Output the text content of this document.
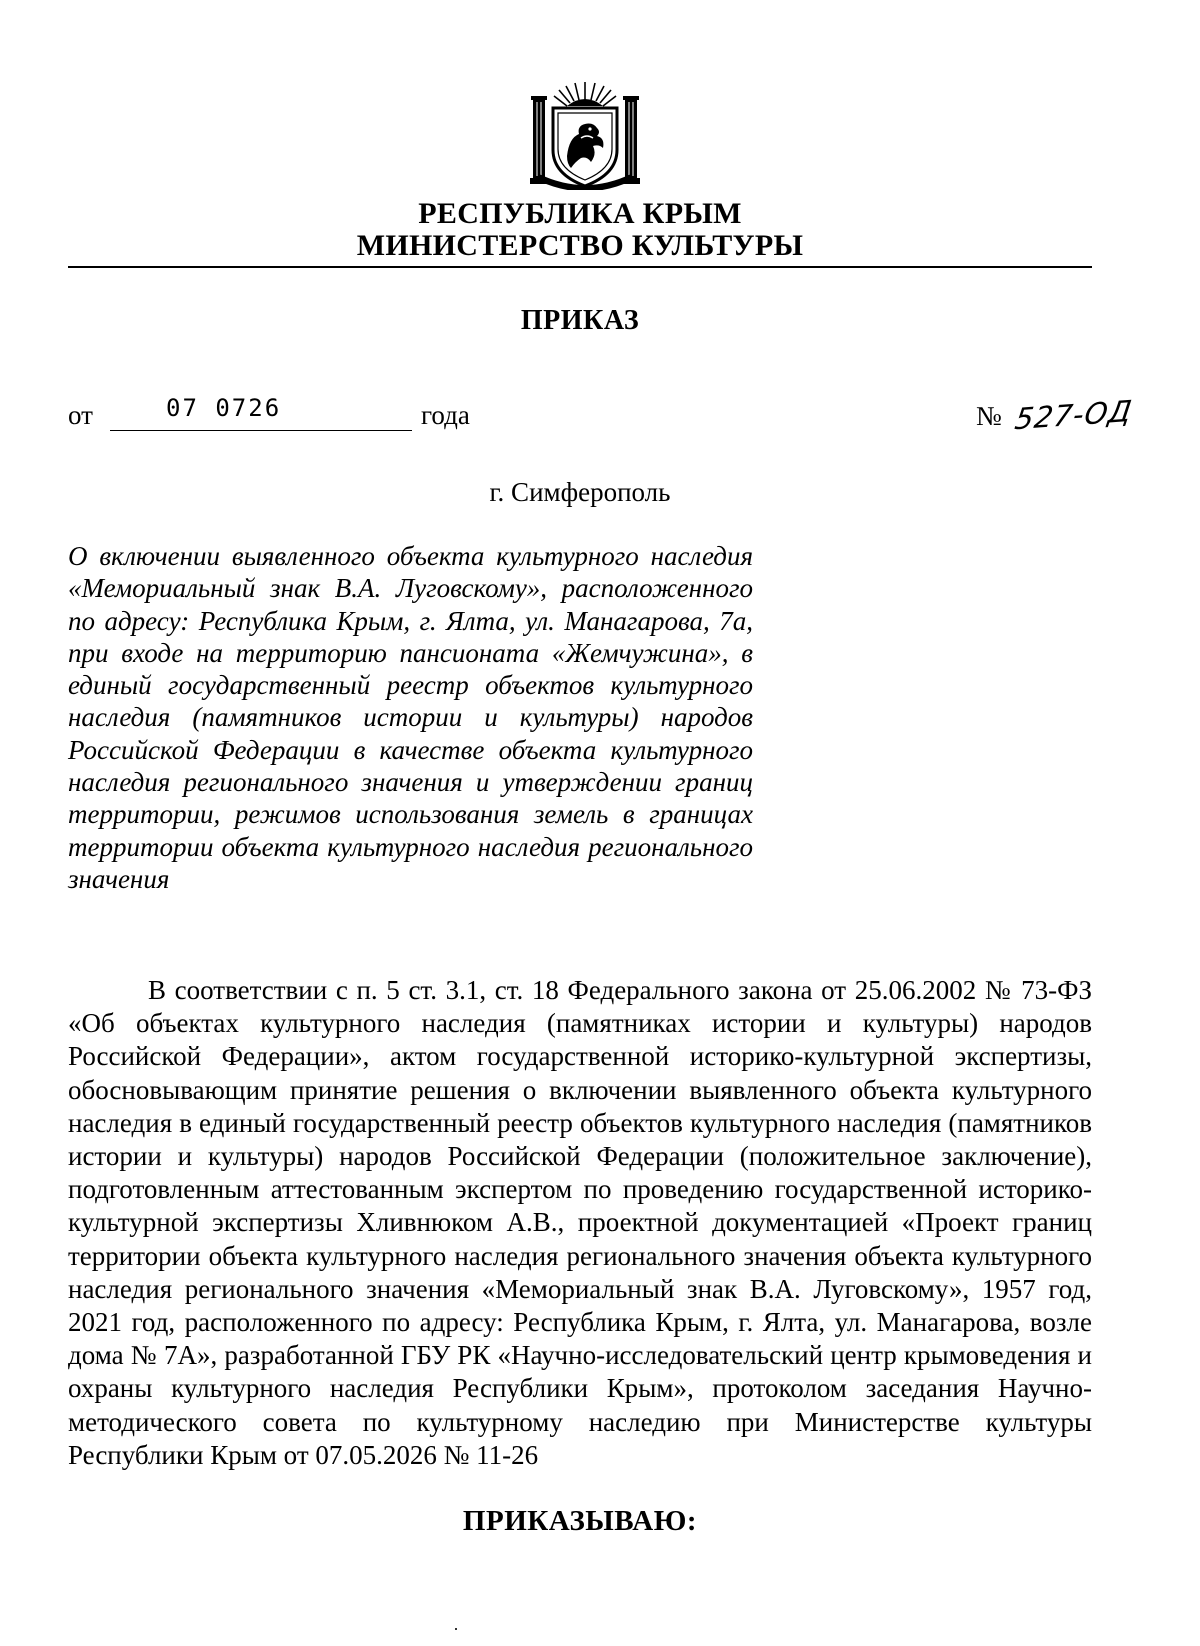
РЕСПУБЛИКА КРЫМ
МИНИСТЕРСТВО КУЛЬТУРЫ
ПРИКАЗ
от	07 0726	года	№ 527-ОД
г. Симферополь
О включении выявленного объекта культурного наследия «Мемориальный знак В.А. Луговскому», расположенного по адресу: Республика Крым, г. Ялта, ул. Манагарова, 7а, при входе на территорию пансионата «Жемчужина», в единый государственный реестр объектов культурного наследия (памятников истории и культуры) народов Российской Федерации в качестве объекта культурного наследия регионального значения и утверждении границ территории, режимов использования земель в границах территории объекта культурного наследия регионального значения

В соответствии с п. 5 ст. 3.1, ст. 18 Федерального закона от 25.06.2002 № 73-ФЗ «Об объектах культурного наследия (памятниках истории и культуры) народов Российской Федерации», актом государственной историко-культурной экспертизы, обосновывающим принятие решения о включении выявленного объекта культурного наследия в единый государственный реестр объектов культурного наследия (памятников истории и культуры) народов Российской Федерации (положительное заключение), подготовленным аттестованным экспертом по проведению государственной историко-культурной экспертизы Хливнюком А.В., проектной документацией «Проект границ территории объекта культурного наследия регионального значения объекта культурного наследия регионального значения «Мемориальный знак В.А. Луговскому», 1957 год, 2021 год, расположенного по адресу: Республика Крым, г. Ялта, ул. Манагарова, возле дома № 7А», разработанной ГБУ РК «Научно-исследовательский центр крымоведения и охраны культурного наследия Республики Крым», протоколом заседания Научно-методического совета по культурному наследию при Министерстве культуры Республики Крым от 07.05.2026 № 11-26

ПРИКАЗЫВАЮ:
